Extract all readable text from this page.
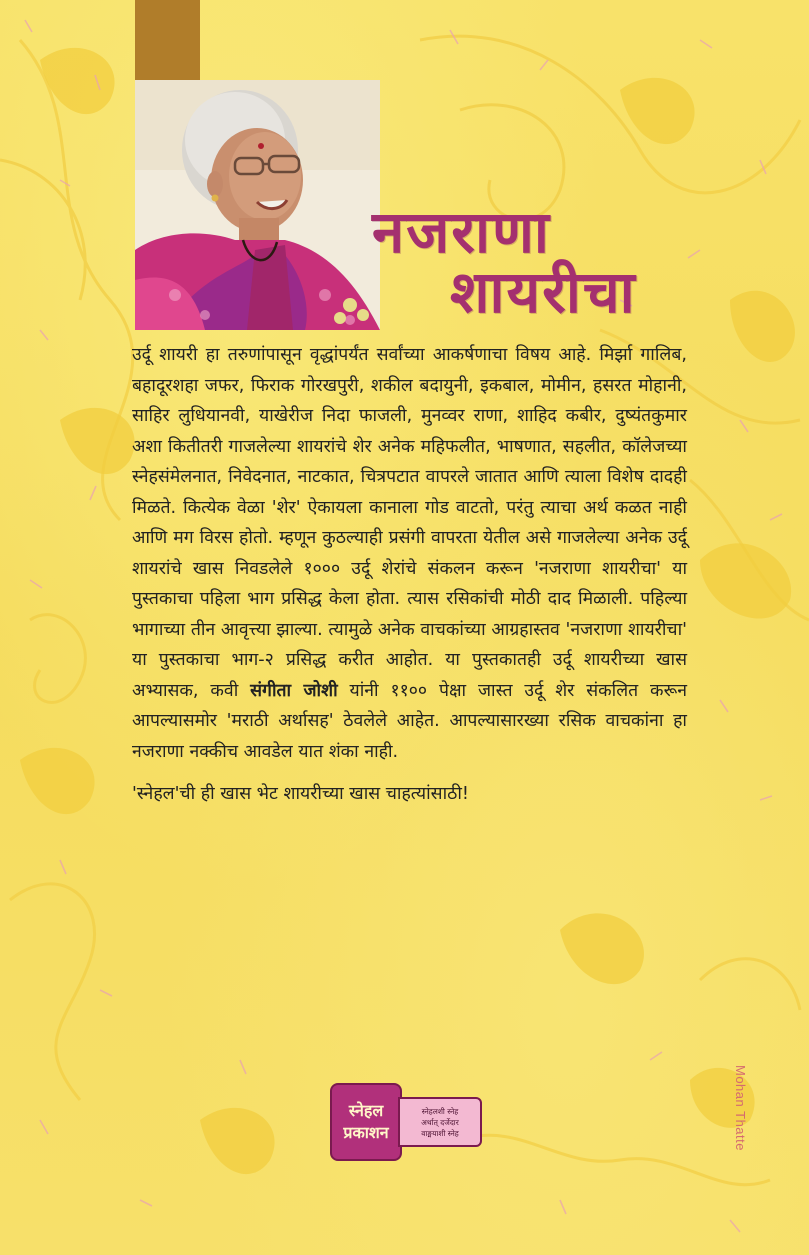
नजराणा
शायरीचा

उर्दू शायरी हा तरुणांपासून वृद्धांपर्यंत सर्वांच्या आकर्षणाचा विषय आहे. मिर्झा गालिब, बहादूरशहा जफर, फिराक गोरखपुरी, शकील बदायुनी, इकबाल, मोमीन, हसरत मोहानी, साहिर लुधियानवी, याखेरीज निदा फाजली, मुनव्वर राणा, शाहिद कबीर, दुष्यंतकुमार अशा कितीतरी गाजलेल्या शायरांचे शेर अनेक महिफलीत, भाषणात, सहलीत, कॉलेजच्या स्नेहसंमेलनात, निवेदनात, नाटकात, चित्रपटात वापरले जातात आणि त्याला विशेष दादही मिळते. कित्येक वेळा 'शेर' ऐकायला कानाला गोड वाटतो, परंतु त्याचा अर्थ कळत नाही आणि मग विरस होतो. म्हणून कुठल्याही प्रसंगी वापरता येतील असे गाजलेल्या अनेक उर्दू शायरांचे खास निवडलेले १००० उर्दू शेरांचे संकलन करून 'नजराणा शायरीचा' या पुस्तकाचा पहिला भाग प्रसिद्ध केला होता. त्यास रसिकांची मोठी दाद मिळाली. पहिल्या भागाच्या तीन आवृत्त्या झाल्या. त्यामुळे अनेक वाचकांच्या आग्रहास्तव 'नजराणा शायरीचा' या पुस्तकाचा भाग-२ प्रसिद्ध करीत आहोत. या पुस्तकातही उर्दू शायरीच्या खास अभ्यासक, कवी संगीता जोशी यांनी ११०० पेक्षा जास्त उर्दू शेर संकलित करून आपल्यासमोर 'मराठी अर्थासह' ठेवलेले आहेत. आपल्यासारख्या रसिक वाचकांना हा नजराणा नक्कीच आवडेल यात शंका नाही.

'स्नेहल'ची ही खास भेट शायरीच्या खास चाहत्यांसाठी!

स्नेहल
प्रकाशन
स्नेहलशी स्नेह
अर्थात् दर्जेदार
वाङ्मयाशी स्नेह	Mohan Thatte
